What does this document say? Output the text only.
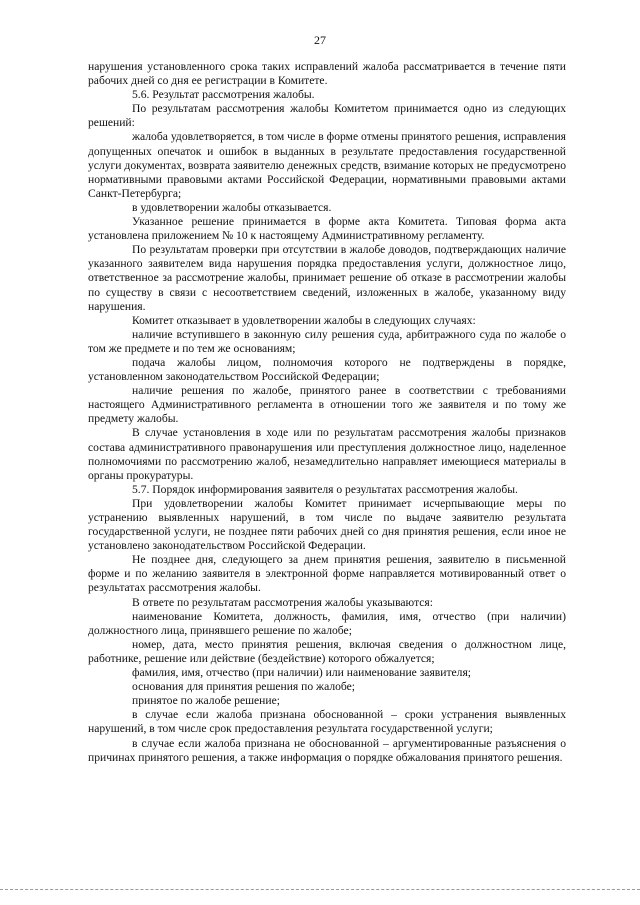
27

нарушения установленного срока таких исправлений жалоба рассматривается в течение пяти рабочих дней со дня ее регистрации в Комитете.

5.6. Результат рассмотрения жалобы.

По результатам рассмотрения жалобы Комитетом принимается одно из следующих решений:

жалоба удовлетворяется, в том числе в форме отмены принятого решения, исправления допущенных опечаток и ошибок в выданных в результате предоставления государственной услуги документах, возврата заявителю денежных средств, взимание которых не предусмотрено нормативными правовыми актами Российской Федерации, нормативными правовыми актами Санкт-Петербурга;

в удовлетворении жалобы отказывается.

Указанное решение принимается в форме акта Комитета. Типовая форма акта установлена приложением № 10 к настоящему Административному регламенту.

По результатам проверки при отсутствии в жалобе доводов, подтверждающих наличие указанного заявителем вида нарушения порядка предоставления услуги, должностное лицо, ответственное за рассмотрение жалобы, принимает решение об отказе в рассмотрении жалобы по существу в связи с несоответствием сведений, изложенных в жалобе, указанному виду нарушения.

Комитет отказывает в удовлетворении жалобы в следующих случаях:

наличие вступившего в законную силу решения суда, арбитражного суда по жалобе о том же предмете и по тем же основаниям;

подача жалобы лицом, полномочия которого не подтверждены в порядке, установленном законодательством Российской Федерации;

наличие решения по жалобе, принятого ранее в соответствии с требованиями настоящего Административного регламента в отношении того же заявителя и по тому же предмету жалобы.

В случае установления в ходе или по результатам рассмотрения жалобы признаков состава административного правонарушения или преступления должностное лицо, наделенное полномочиями по рассмотрению жалоб, незамедлительно направляет имеющиеся материалы в органы прокуратуры.

5.7. Порядок информирования заявителя о результатах рассмотрения жалобы.

При удовлетворении жалобы Комитет принимает исчерпывающие меры по устранению выявленных нарушений, в том числе по выдаче заявителю результата государственной услуги, не позднее пяти рабочих дней со дня принятия решения, если иное не установлено законодательством Российской Федерации.

Не позднее дня, следующего за днем принятия решения, заявителю в письменной форме и по желанию заявителя в электронной форме направляется мотивированный ответ о результатах рассмотрения жалобы.

В ответе по результатам рассмотрения жалобы указываются:

наименование Комитета, должность, фамилия, имя, отчество (при наличии) должностного лица, принявшего решение по жалобе;

номер, дата, место принятия решения, включая сведения о должностном лице, работнике, решение или действие (бездействие) которого обжалуется;

фамилия, имя, отчество (при наличии) или наименование заявителя;

основания для принятия решения по жалобе;

принятое по жалобе решение;

в случае если жалоба признана обоснованной – сроки устранения выявленных нарушений, в том числе срок предоставления результата государственной услуги;

в случае если жалоба признана не обоснованной – аргументированные разъяснения о причинах принятого решения, а также информация о порядке обжалования принятого решения.
